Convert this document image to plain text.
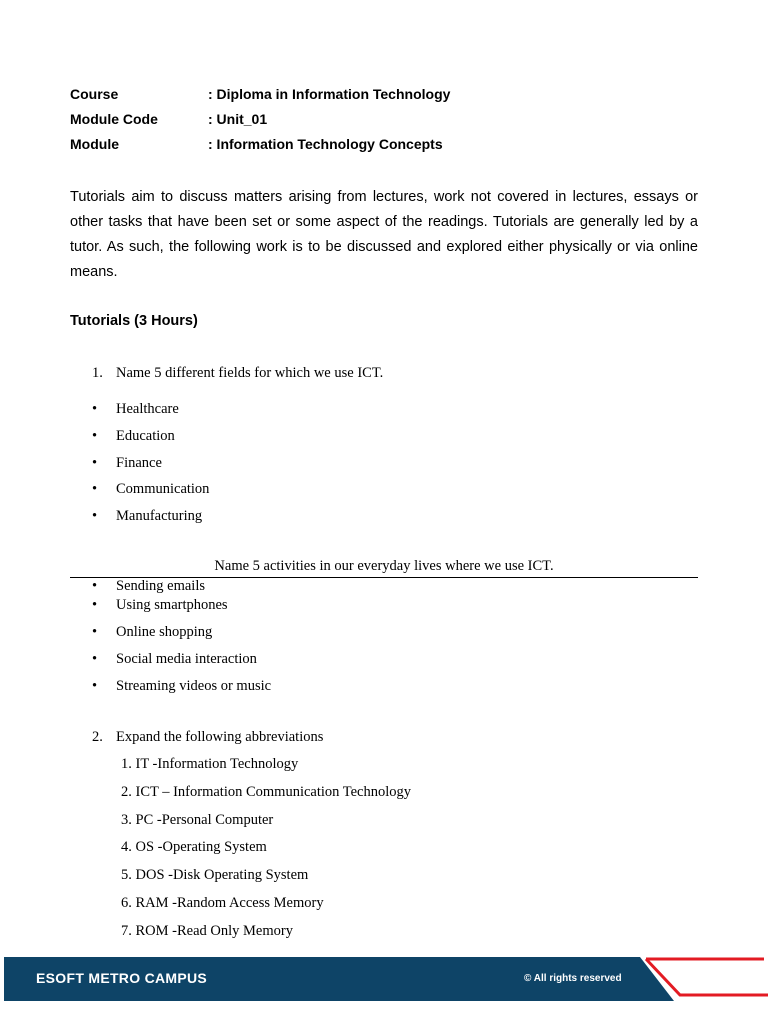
Course	: Diploma in Information Technology
Module Code	: Unit_01
Module	: Information Technology Concepts

Tutorials aim to discuss matters arising from lectures, work not covered in lectures, essays or other tasks that have been set or some aspect of the readings. Tutorials are generally led by a tutor. As such, the following work is to be discussed and explored either physically or via online means.

Tutorials (3 Hours)
1. Name 5 different fields for which we use ICT.
• Healthcare
• Education
• Finance
• Communication
• Manufacturing
Name 5 activities in our everyday lives where we use ICT.
• Sending emails
• Using smartphones
• Online shopping
• Social media interaction
• Streaming videos or music
2. Expand the following abbreviations
1. IT -Information Technology
2. ICT – Information Communication Technology
3. PC -Personal Computer
4. OS -Operating System
5. DOS -Disk Operating System
6. RAM -Random Access Memory
7. ROM -Read Only Memory
ESOFT METRO CAMPUS	© All rights reserved
